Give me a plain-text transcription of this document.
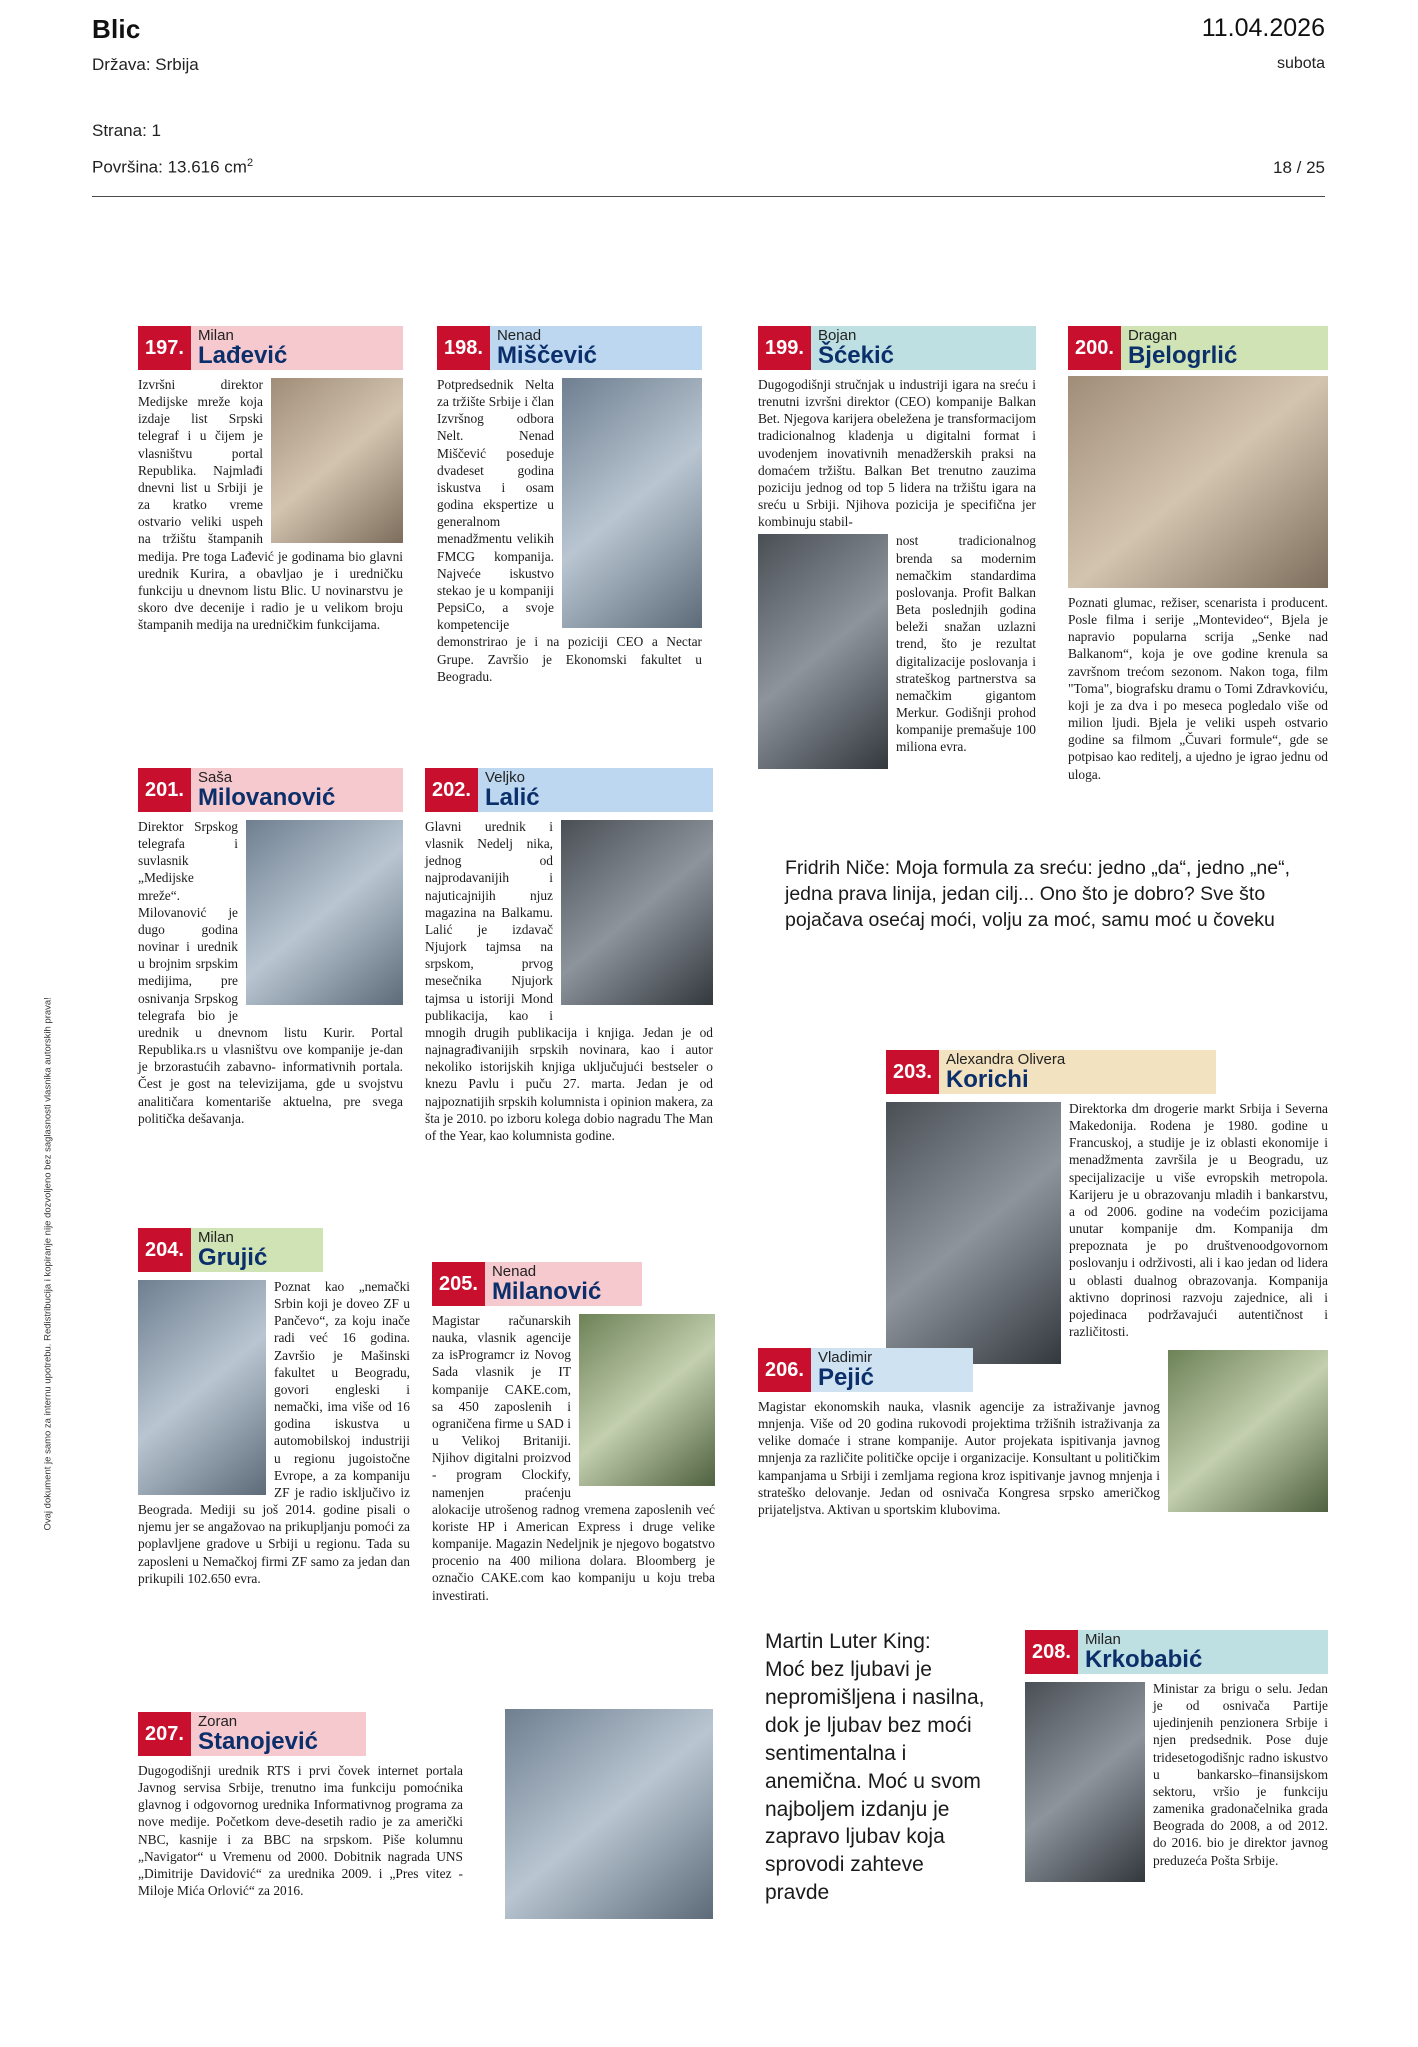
Blic	11.04.2026
Država: Srbija	subota
Strana: 1
Površina: 13.616 $cm^2$	18 / 25
Ovaj dokument je samo za internu upotrebu. Redistribucija i kopiranje nije dozvoljeno bez saglasnosti vlasnika autorskih prava!
197.
Milan
Lađević
Izvršni direktor Medijske mreže koja izdaje list Srpski telegraf i u čijem je vlasništvu portal Republika. Najmlađi dnevni list u Srbiji je za kratko vreme ostvario veliki uspeh na tržištu štampanih medija. Pre toga Lađević je godinama bio glavni urednik Kurira, a obavljao je i uredničku funkciju u dnevnom listu Blic. U novinarstvu je skoro dve decenije i radio je u velikom broju štampanih medija na uredničkim funkcijama.
198.
Nenad
Miščević
Potpredsednik Nelta za tržište Srbije i član Izvršnog odbora Nelt. Nenad Miščević poseduje dvadeset godina iskustva i osam godina ekspertize u generalnom menadžmentu velikih FMCG kompanija. Najveće iskustvo stekao je u kompaniji PepsiCo, a svoje kompetencije demonstrirao je i na poziciji CEO a Nectar Grupe. Završio je Ekonomski fakultet u Beogradu.
199.
Bojan
Šćekić
Dugogodišnji stručnjak u industriji igara na sreću i trenutni izvršni direktor (CEO) kompanije Balkan Bet. Njegova karijera obeležena je transformacijom tradicionalnog kladenja u digitalni format i uvodenjem inovativnih menadžerskih praksi na domaćem tržištu. Balkan Bet trenutno zauzima poziciju jednog od top 5 lidera na tržištu igara na sreću u Srbiji. Njihova pozicija je specifična jer kombinuju stabil-
nost tradicionalnog brenda sa modernim nemačkim standardima poslovanja. Profit Balkan Beta poslednjih godina beleži snažan uzlazni trend, što je rezultat digitalizacije poslovanja i strateškog partnerstva sa nemačkim gigantom Merkur. Godišnji prohod kompanije premašuje 100 miliona evra.
200.
Dragan
Bjelogrlić
Poznati glumac, režiser, scenarista i producent. Posle filma i serije „Montevideo“, Bjela je napravio popularna scrija „Senke nad Balkanom“, koja je ove godine krenula sa završnom trećom sezonom. Nakon toga, film "Toma", biografsku dramu o Tomi Zdravkoviću, koji je za dva i po meseca pogledalo više od milion ljudi. Bjela je veliki uspeh ostvario godine sa filmom „Čuvari formule“, gde se potpisao kao reditelj, a ujedno je igrao jednu od uloga.
201.
Saša
Milovanović
Direktor Srpskog telegrafa i suvlasnik „Medijske mreže“. Milovanović je dugo godina novinar i urednik u brojnim srpskim medijima, pre osnivanja Srpskog telegrafa bio je urednik u dnevnom listu Kurir. Portal Republika.rs u vlasništvu ove kompanije je-dan je brzorastućih zabavno- informativnih portala. Čest je gost na televizijama, gde u svojstvu analitičara komentariše aktuelna, pre svega politička dešavanja.
202.
Veljko
Lalić
Glavni urednik i vlasnik Nedelj nika, jednog od najprodavanijih i najuticajnijih njuz magazina na Balkamu. Lalić je izdavač Njujork tajmsa na srpskom, prvog mesečnika Njujork tajmsa u istoriji Mond publikacija, kao i mnogih drugih publikacija i knjiga. Jedan je od najnagrađivanijih srpskih novinara, kao i autor nekoliko istorijskih knjiga uključujući bestseler o knezu Pavlu i puču 27. marta. Jedan je od najpoznatijih srpskih kolumnista i opinion makera, za šta je 2010. po izboru kolega dobio nagradu The Man of the Year, kao kolumnista godine.
Fridrih Niče: Moja formula za sreću: jedno „da“, jedno „ne“, jedna prava linija, jedan cilj... Ono što je dobro? Sve što pojačava osećaj moći, volju za moć, samu moć u čoveku
203.
Alexandra Olivera
Korichi
Direktorka dm drogerie markt Srbija i Severna Makedonija. Rodena je 1980. godine u Francuskoj, a studije je iz oblasti ekonomije i menadžmenta završila je u Beogradu, uz specijalizacije u više evropskih metropola. Karijeru je u obrazovanju mladih i bankarstvu, a od 2006. godine na vodećim pozicijama unutar kompanije dm. Kompanija dm prepoznata je po društvenoodgovornom poslovanju i održivosti, ali i kao jedan od lidera u oblasti dualnog obrazovanja. Kompanija aktivno doprinosi razvoju zajednice, ali i pojedinaca podržavajući autentičnost i različitosti.
204.
Milan
Grujić
Poznat kao „nemački Srbin koji je doveo ZF u Pančevo“, za koju inače radi već 16 godina. Završio je Mašinski fakultet u Beogradu, govori engleski i nemački, ima više od 16 godina iskustva u automobilskoj industriji u regionu jugoistočne Evrope, a za kompaniju ZF je radio isključivo iz Beograda. Mediji su još 2014. godine pisali o njemu jer se angažovao na prikupljanju pomoći za poplavljene gradove u Srbiji u regionu. Tada su zaposleni u Nemačkoj firmi ZF samo za jedan dan prikupili 102.650 evra.
205.
Nenad
Milanović
Magistar računarskih nauka, vlasnik agencije za isProgramcr iz Novog Sada vlasnik je IT kompanije CAKE.com, sa 450 zaposlenih i ograničena firme u SAD i u Velikoj Britaniji. Njihov digitalni proizvod - program Clockify, namenjen praćenju alokacije utrošenog radnog vremena zaposlenih već koriste HP i American Express i druge velike kompanije. Magazin Nedeljnik je njegovo bogatstvo procenio na 400 miliona dolara. Bloomberg je označio CAKE.com kao kompaniju u koju treba investirati.
206.
Vladimir
Pejić
Magistar ekonomskih nauka, vlasnik agencije za istraživanje javnog mnjenja. Više od 20 godina rukovodi projektima tržišnih istraživanja za velike domaće i strane kompanije. Autor projekata ispitivanja javnog mnjenja za različite političke opcije i organizacije. Konsultant u političkim kampanjama u Srbiji i zemljama regiona kroz ispitivanje javnog mnjenja i strateško delovanje. Jedan od osnivača Kongresa srpsko američkog prijateljstva. Aktivan u sportskim klubovima.
207.
Zoran
Stanojević
Dugogodišnji urednik RTS i prvi čovek internet portala Javnog servisa Srbije, trenutno ima funkciju pomoćnika glavnog i odgovornog urednika Informativnog programa za nove medije. Početkom deve-desetih radio je za američki NBC, kasnije i za BBC na srpskom. Piše kolumnu „Navigator“ u Vremenu od 2000. Dobitnik nagrada UNS „Dimitrije Davidović“ za urednika 2009. i „Pres vitez - Miloje Mića Orlović“ za 2016.
Martin Luter King:
Moć bez ljubavi je nepromišljena i nasilna, dok je ljubav bez moći sentimentalna i anemična. Moć u svom najboljem izdanju je zapravo ljubav koja sprovodi zahteve pravde
208.
Milan
Krkobabić
Ministar za brigu o selu. Jedan je od osnivača Partije ujedinjenih penzionera Srbije i njen predsednik. Pose duje tridesetogodišnjc radno iskustvo u bankarsko–finansijskom sektoru, vršio je funkciju zamenika gradonačelnika grada Beograda do 2008, a od 2012. do 2016. bio je direktor javnog preduzeća Pošta Srbije.
